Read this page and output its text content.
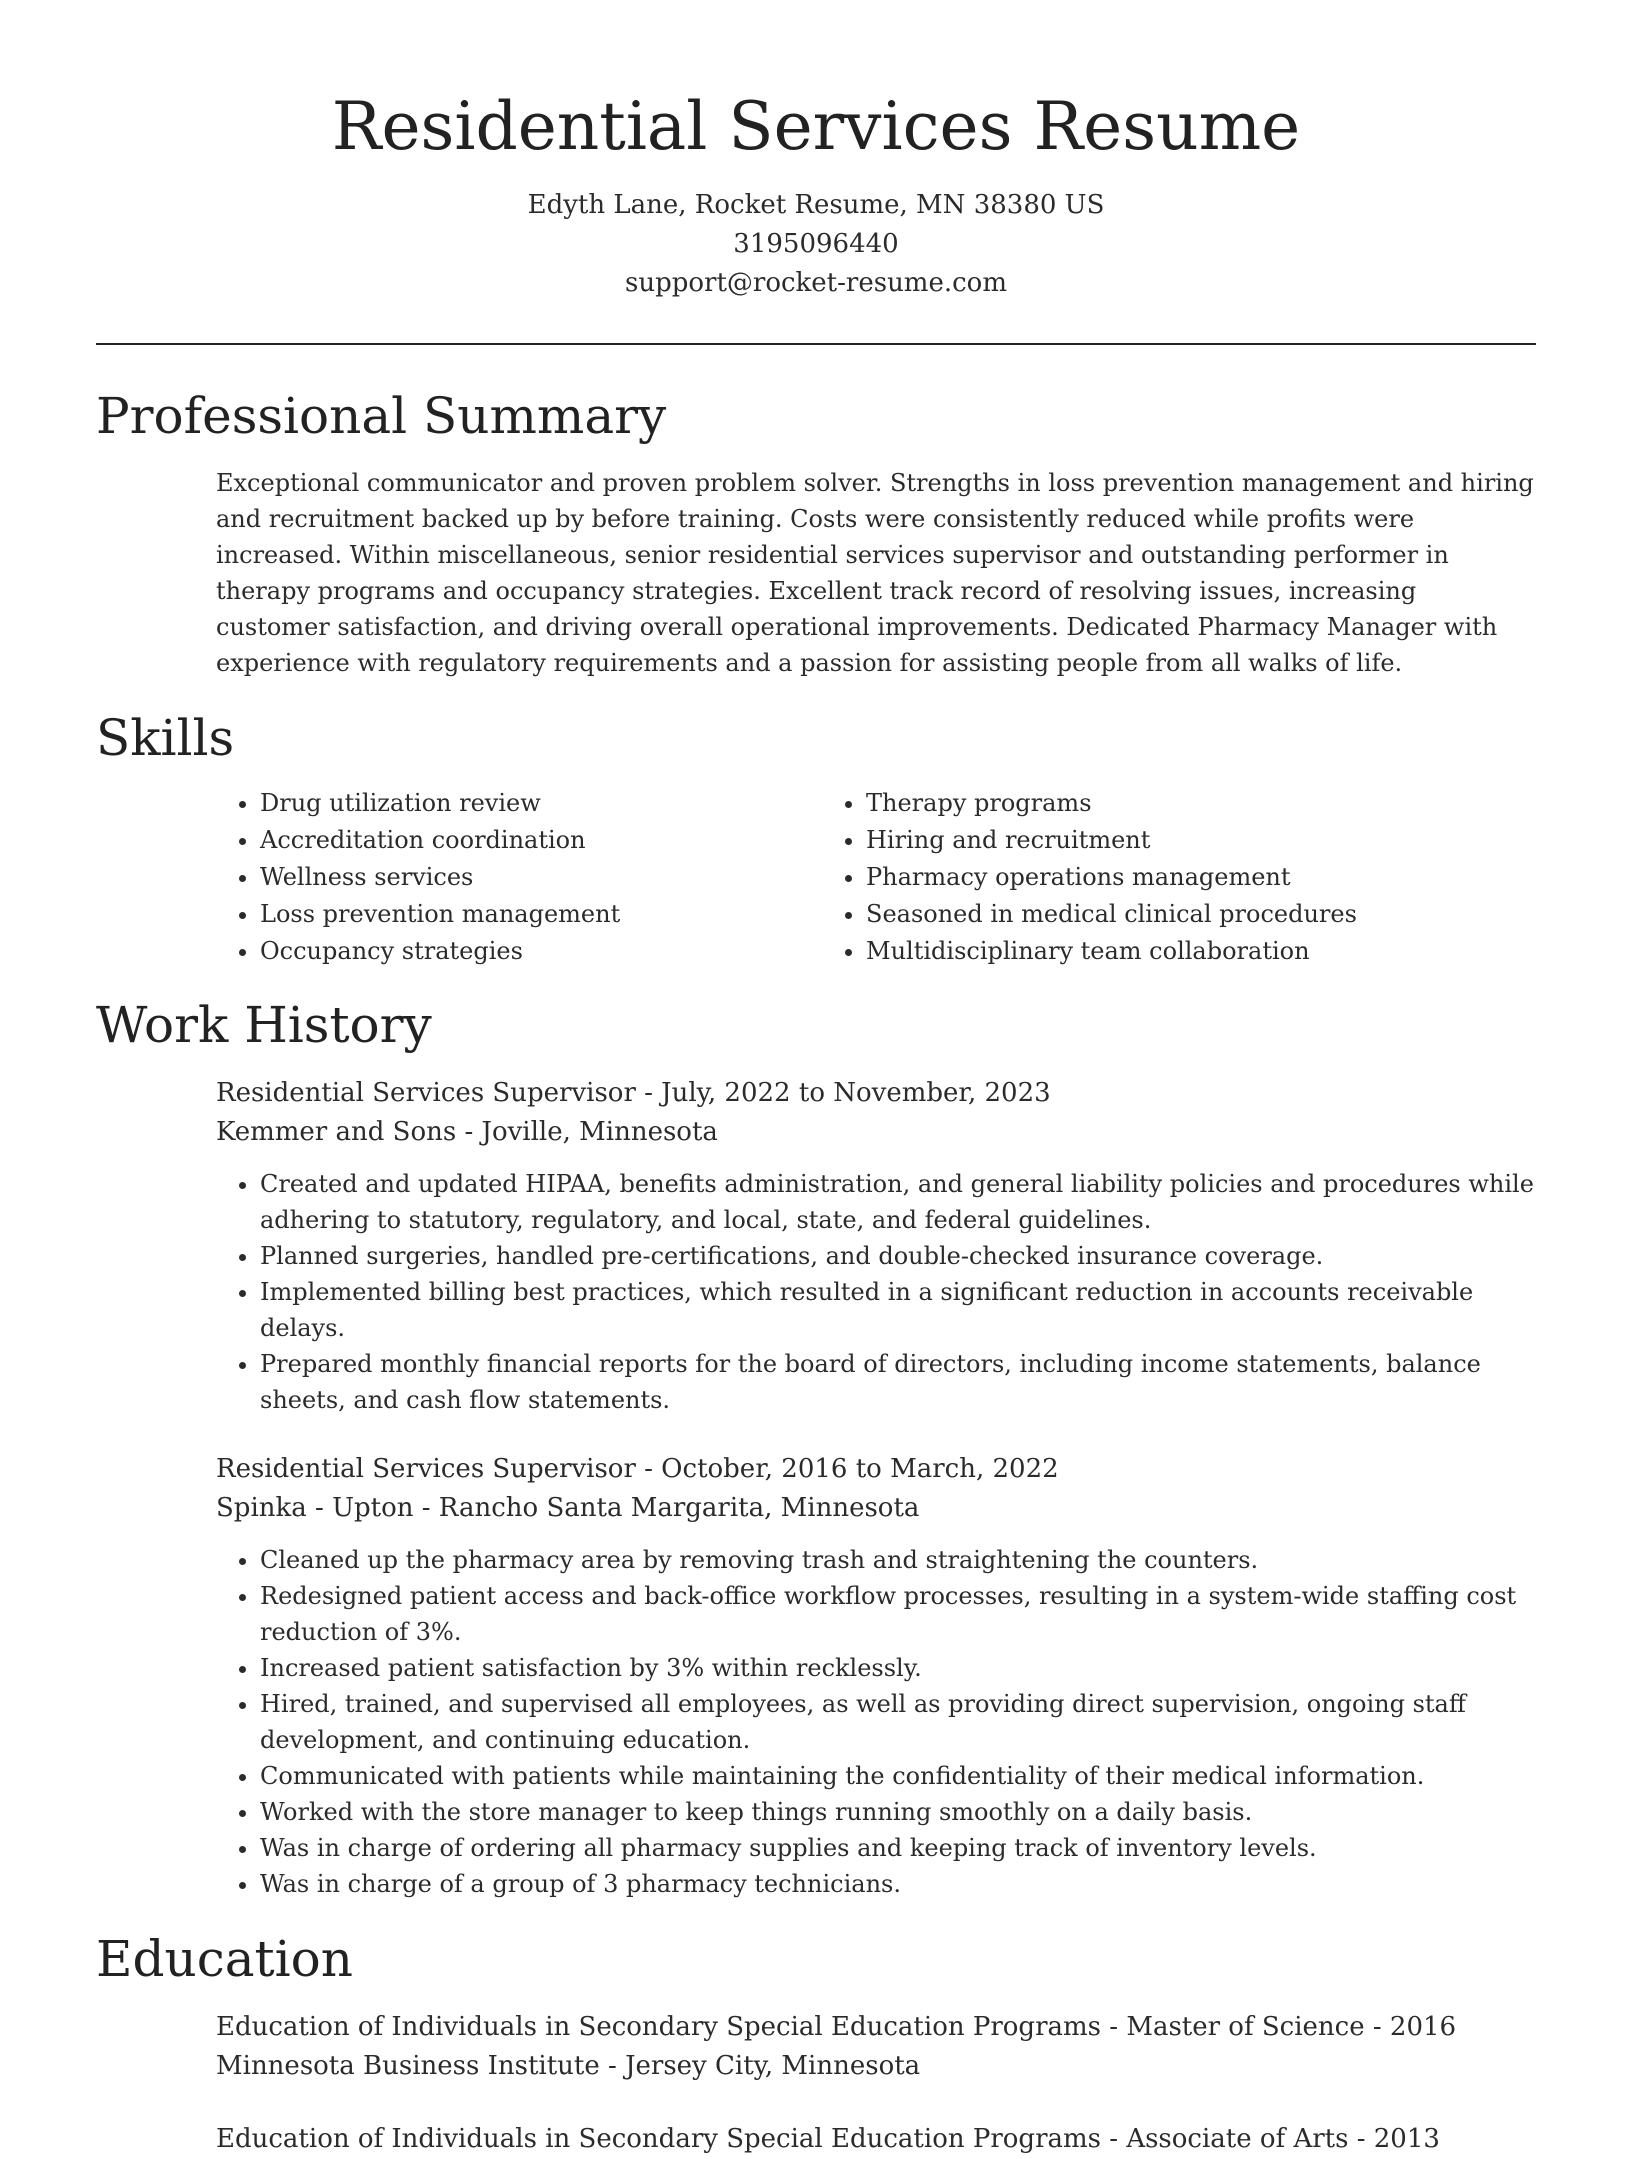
Residential Services Resume
Edyth Lane, Rocket Resume, MN 38380 US
3195096440
support@rocket-resume.com
Professional Summary
Exceptional communicator and proven problem solver. Strengths in loss prevention management and hiring and recruitment backed up by before training. Costs were consistently reduced while profits were increased. Within miscellaneous, senior residential services supervisor and outstanding performer in therapy programs and occupancy strategies. Excellent track record of resolving issues, increasing customer satisfaction, and driving overall operational improvements. Dedicated Pharmacy Manager with experience with regulatory requirements and a passion for assisting people from all walks of life.
Skills
• Drug utilization review
• Accreditation coordination
• Wellness services
• Loss prevention management
• Occupancy strategies
• Therapy programs
• Hiring and recruitment
• Pharmacy operations management
• Seasoned in medical clinical procedures
• Multidisciplinary team collaboration
Work History
Residential Services Supervisor - July, 2022 to November, 2023
Kemmer and Sons - Joville, Minnesota
• Created and updated HIPAA, benefits administration, and general liability policies and procedures while adhering to statutory, regulatory, and local, state, and federal guidelines.
• Planned surgeries, handled pre-certifications, and double-checked insurance coverage.
• Implemented billing best practices, which resulted in a significant reduction in accounts receivable delays.
• Prepared monthly financial reports for the board of directors, including income statements, balance sheets, and cash flow statements.
Residential Services Supervisor - October, 2016 to March, 2022
Spinka - Upton - Rancho Santa Margarita, Minnesota
• Cleaned up the pharmacy area by removing trash and straightening the counters.
• Redesigned patient access and back-office workflow processes, resulting in a system-wide staffing cost reduction of 3%.
• Increased patient satisfaction by 3% within recklessly.
• Hired, trained, and supervised all employees, as well as providing direct supervision, ongoing staff development, and continuing education.
• Communicated with patients while maintaining the confidentiality of their medical information.
• Worked with the store manager to keep things running smoothly on a daily basis.
• Was in charge of ordering all pharmacy supplies and keeping track of inventory levels.
• Was in charge of a group of 3 pharmacy technicians.
Education
Education of Individuals in Secondary Special Education Programs - Master of Science - 2016
Minnesota Business Institute - Jersey City, Minnesota
Education of Individuals in Secondary Special Education Programs - Associate of Arts - 2013
